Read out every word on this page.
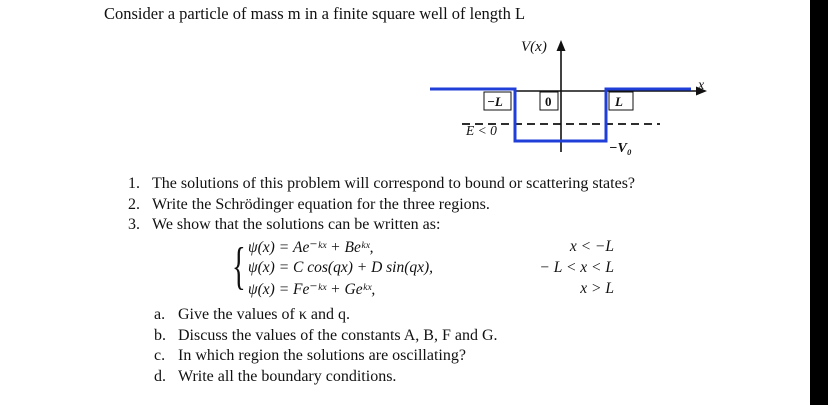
Consider a particle of mass m in a finite square well of length L
V(x)
x
−L	0	L
E < 0
−V₀
1. The solutions of this problem will correspond to bound or scattering states?
2. Write the Schrödinger equation for the three regions.
3. We show that the solutions can be written as:
{ ψ(x) = Ae⁻ᵏˣ + Beᵏˣ,	x < −L
ψ(x) = C cos(qx) + D sin(qx),	− L < x < L
ψ(x) = Fe⁻ᵏˣ + Geᵏˣ,	x > L
a. Give the values of κ and q.
b. Discuss the values of the constants A, B, F and G.
c. In which region the solutions are oscillating?
d. Write all the boundary conditions.
